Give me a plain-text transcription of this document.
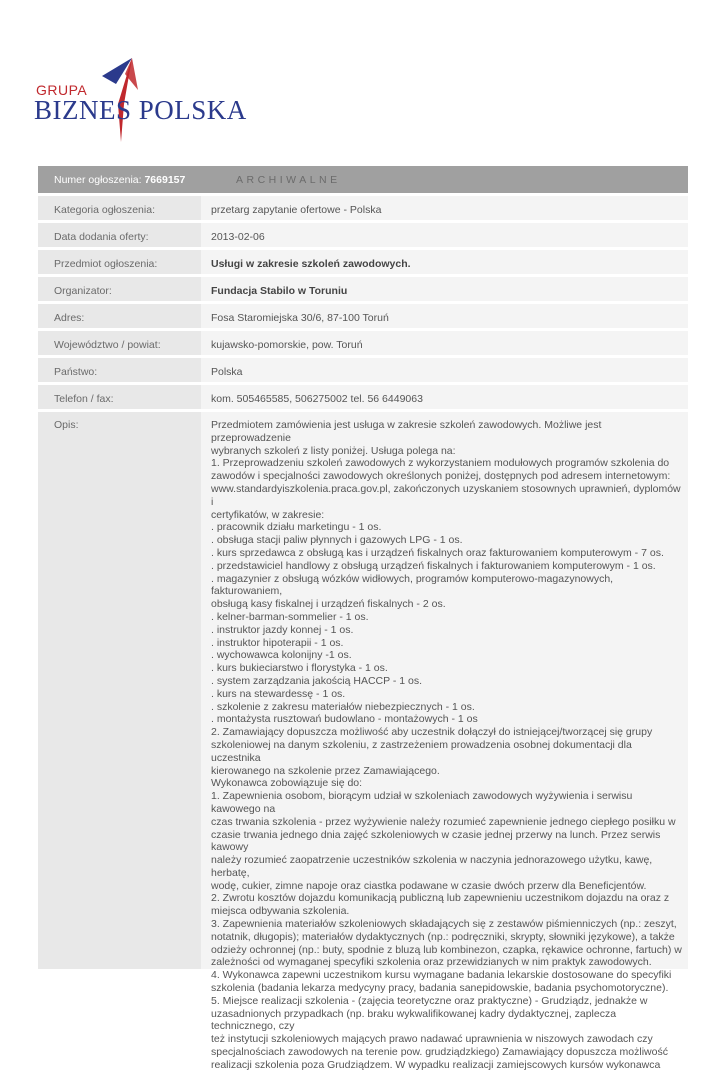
GRUPA
BIZNES POLSKA
Numer ogłoszenia: 7669157	ARCHIWALNE
Kategoria ogłoszenia:	przetarg zapytanie ofertowe - Polska
Data dodania oferty:	2013-02-06
Przedmiot ogłoszenia:	Usługi w zakresie szkoleń zawodowych.
Organizator:	Fundacja Stabilo w Toruniu
Adres:	Fosa Staromiejska 30/6, 87-100 Toruń
Województwo / powiat:	kujawsko-pomorskie, pow. Toruń
Państwo:	Polska
Telefon / fax:	kom. 505465585, 506275002 tel. 56 6449063
Opis:	Przedmiotem zamówienia jest usługa w zakresie szkoleń zawodowych. Możliwe jest przeprowadzenie
wybranych szkoleń z listy poniżej. Usługa polega na:
1. Przeprowadzeniu szkoleń zawodowych z wykorzystaniem modułowych programów szkolenia do
zawodów i specjalności zawodowych określonych poniżej, dostępnych pod adresem internetowym:
www.standardyiszkolenia.praca.gov.pl, zakończonych uzyskaniem stosownych uprawnień, dyplomów i
certyfikatów, w zakresie:
. pracownik działu marketingu - 1 os.
. obsługa stacji paliw płynnych i gazowych LPG - 1 os.
. kurs sprzedawca z obsługą kas i urządzeń fiskalnych oraz fakturowaniem komputerowym - 7 os.
. przedstawiciel handlowy z obsługą urządzeń fiskalnych i fakturowaniem komputerowym - 1 os.
. magazynier z obsługą wózków widłowych, programów komputerowo-magazynowych, fakturowaniem,
obsługą kasy fiskalnej i urządzeń fiskalnych - 2 os.
. kelner-barman-sommelier - 1 os.
. instruktor jazdy konnej - 1 os.
. instruktor hipoterapii - 1 os.
. wychowawca kolonijny -1 os.
. kurs bukieciarstwo i florystyka - 1 os.
. system zarządzania jakością HACCP - 1 os.
. kurs na stewardessę - 1 os.
. szkolenie z zakresu materiałów niebezpiecznych - 1 os.
. montażysta rusztowań budowlano - montażowych - 1 os
2. Zamawiający dopuszcza możliwość aby uczestnik dołączył do istniejącej/tworzącej się grupy
szkoleniowej na danym szkoleniu, z zastrzeżeniem prowadzenia osobnej dokumentacji dla uczestnika
kierowanego na szkolenie przez Zamawiającego.
Wykonawca zobowiązuje się do:
1. Zapewnienia osobom, biorącym udział w szkoleniach zawodowych wyżywienia i serwisu kawowego na
czas trwania szkolenia - przez wyżywienie należy rozumieć zapewnienie jednego ciepłego posiłku w
czasie trwania jednego dnia zajęć szkoleniowych w czasie jednej przerwy na lunch. Przez serwis kawowy
należy rozumieć zaopatrzenie uczestników szkolenia w naczynia jednorazowego użytku, kawę, herbatę,
wodę, cukier, zimne napoje oraz ciastka podawane w czasie dwóch przerw dla Beneficjentów.
2. Zwrotu kosztów dojazdu komunikacją publiczną lub zapewnieniu uczestnikom dojazdu na oraz z
miejsca odbywania szkolenia.
3. Zapewnienia materiałów szkoleniowych składających się z zestawów piśmienniczych (np.: zeszyt,
notatnik, długopis); materiałów dydaktycznych (np.: podręczniki, skrypty, słowniki językowe), a także
odzieży ochronnej (np.: buty, spodnie z bluzą lub kombinezon, czapka, rękawice ochronne, fartuch) w
zależności od wymaganej specyfiki szkolenia oraz przewidzianych w nim praktyk zawodowych.
4. Wykonawca zapewni uczestnikom kursu wymagane badania lekarskie dostosowane do specyfiki
szkolenia (badania lekarza medycyny pracy, badania sanepidowskie, badania psychomotoryczne).
5. Miejsce realizacji szkolenia - (zajęcia teoretyczne oraz praktyczne) - Grudziądz, jednakże w
uzasadnionych przypadkach (np. braku wykwalifikowanej kadry dydaktycznej, zaplecza technicznego, czy
też instytucji szkoleniowych mających prawo nadawać uprawnienia w niszowych zawodach czy
specjalnościach zawodowych na terenie pow. grudziądzkiego) Zamawiający dopuszcza możliwość
realizacji szkolenia poza Grudziądzem. W wypadku realizacji zamiejscowych kursów wykonawca
